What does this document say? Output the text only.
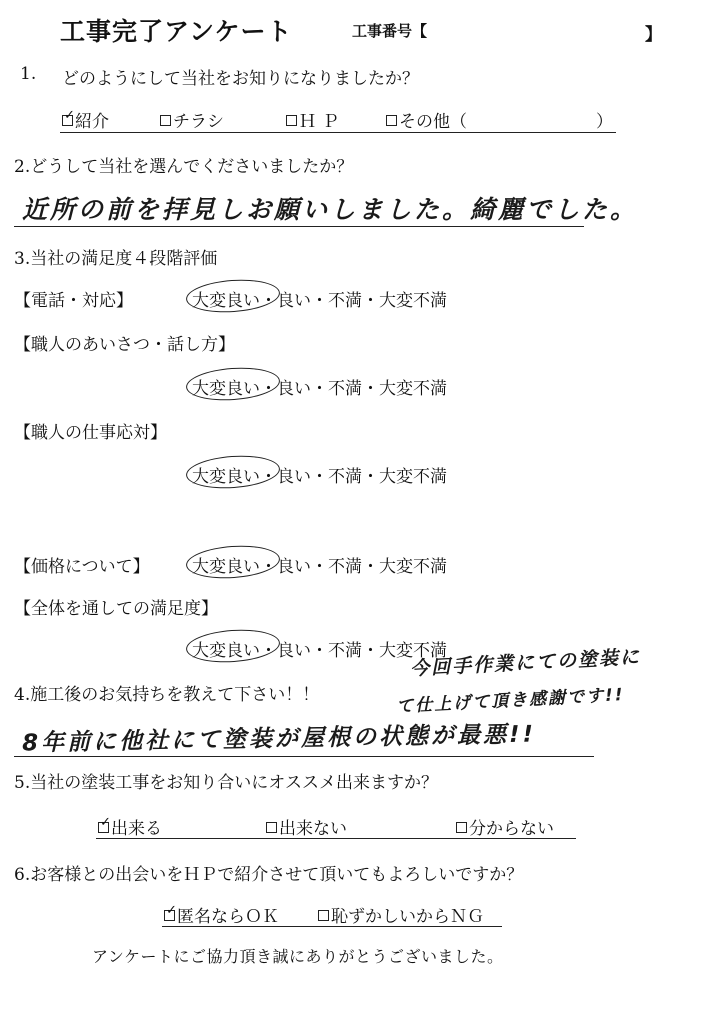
工事完了アンケート	工事番号【	】
1. どのようにして当社をお知りになりましたか？
紹介
✓	チラシ	ＨＰ	その他（	）
2.どうして当社を選んでくださいましたか？
近所の前を拝見しお願いしました。綺麗でした。
3.当社の満足度４段階評価
【電話・対応】	大変良い・良い・不満・大変不満
【職人のあいさつ・話し方】
大変良い・良い・不満・大変不満
【職人の仕事応対】
大変良い・良い・不満・大変不満
【価格について】 大変良い・良い・不満・大変不満
【全体を通しての満足度】
大変良い・良い・不満・大変不満
4.施工後のお気持ちを教えて下さい！！
今回手作業にての塗装に
て仕上げて頂き感謝です!!
8年前に他社にて塗装が屋根の状態が最悪!!
5.当社の塗装工事をお知り合いにオススメ出来ますか？
出来る
✓	出来ない	分からない
6.お客様との出会いをＨＰで紹介させて頂いてもよろしいですか？
匿名ならＯＫ
✓	恥ずかしいからＮＧ
アンケートにご協力頂き誠にありがとうございました。
